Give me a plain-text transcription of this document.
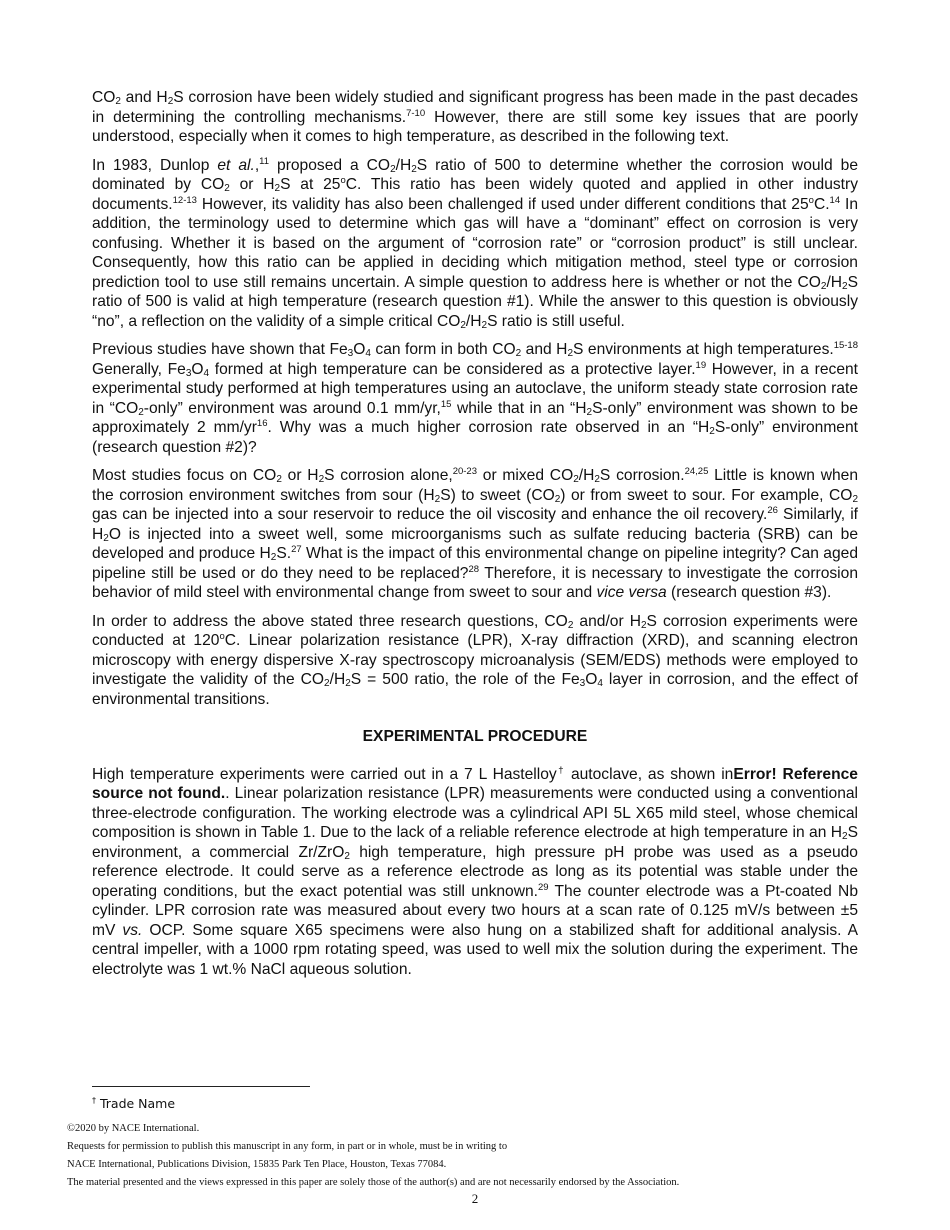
$CO_2$ and $H_2S$ corrosion have been widely studied and significant progress has been made in the past decades in determining the controlling mechanisms.$^{7-10}$ However, there are still some key issues that are poorly understood, especially when it comes to high temperature, as described in the following text.

In 1983, Dunlop et al.,$^{11}$ proposed a $CO_2/H_2S$ ratio of 500 to determine whether the corrosion would be dominated by $CO_2$ or $H_2S$ at 25$^o$C. This ratio has been widely quoted and applied in other industry documents.$^{12-13}$ However, its validity has also been challenged if used under different conditions that 25$^o$C.$^{14}$ In addition, the terminology used to determine which gas will have a “dominant” effect on corrosion is very confusing. Whether it is based on the argument of “corrosion rate” or “corrosion product” is still unclear. Consequently, how this ratio can be applied in deciding which mitigation method, steel type or corrosion prediction tool to use still remains uncertain. A simple question to address here is whether or not the $CO_2/H_2S$ ratio of 500 is valid at high temperature (research question #1). While the answer to this question is obviously “no”, a reflection on the validity of a simple critical $CO_2/H_2S$ ratio is still useful.

Previous studies have shown that $Fe_3O_4$ can form in both $CO_2$ and $H_2S$ environments at high temperatures.$^{15-18}$ Generally, $Fe_3O_4$ formed at high temperature can be considered as a protective layer.$^{19}$ However, in a recent experimental study performed at high temperatures using an autoclave, the uniform steady state corrosion rate in “$CO_2$-only” environment was around 0.1 mm/yr,$^{15}$ while that in an “$H_2S$-only” environment was shown to be approximately 2 $mm/yr^{16}$. Why was a much higher corrosion rate observed in an “$H_2S$-only” environment (research question #2)?

Most studies focus on $CO_2$ or $H_2S$ corrosion alone,$^{20-23}$ or mixed $CO_2/H_2S$ corrosion.$^{24,25}$ Little is known when the corrosion environment switches from sour $(H_2S)$ to sweet $(CO_2)$ or from sweet to sour. For example, $CO_2$ gas can be injected into a sour reservoir to reduce the oil viscosity and enhance the oil recovery.$^{26}$ Similarly, if $H_2O$ is injected into a sweet well, some microorganisms such as sulfate reducing bacteria (SRB) can be developed and produce $H_2S.^{27}$ What is the impact of this environmental change on pipeline integrity? Can aged pipeline still be used or do they need to be replaced?$^{28}$ Therefore, it is necessary to investigate the corrosion behavior of mild steel with environmental change from sweet to sour and vice versa (research question #3).

In order to address the above stated three research questions, $CO_2$ and/or $H_2S$ corrosion experiments were conducted at 120$^o$C. Linear polarization resistance (LPR), X-ray diffraction (XRD), and scanning electron microscopy with energy dispersive X-ray spectroscopy microanalysis (SEM/EDS) methods were employed to investigate the validity of the $CO_2/H_2S = 500$ ratio, the role of the $Fe_3O_4$ layer in corrosion, and the effect of environmental transitions.

EXPERIMENTAL PROCEDURE

High temperature experiments were carried out in a 7 L Hastelloy† autoclave, as shown inError! Reference source not found.. Linear polarization resistance (LPR) measurements were conducted using a conventional three-electrode configuration. The working electrode was a cylindrical API 5L X65 mild steel, whose chemical composition is shown in Table 1. Due to the lack of a reliable reference electrode at high temperature in an $H_2S$ environment, a commercial Zr/ZrO$_2$ high temperature, high pressure pH probe was used as a pseudo reference electrode. It could serve as a reference electrode as long as its potential was stable under the operating conditions, but the exact potential was still unknown.$^{29}$ The counter electrode was a Pt-coated Nb cylinder. LPR corrosion rate was measured about every two hours at a scan rate of 0.125 mV/s between ±5 mV vs. OCP. Some square X65 specimens were also hung on a stabilized shaft for additional analysis. A central impeller, with a 1000 rpm rotating speed, was used to well mix the solution during the experiment. The electrolyte was 1 wt.% NaCl aqueous solution.

† Trade Name
©2020 by NACE International.
Requests for permission to publish this manuscript in any form, in part or in whole, must be in writing to
NACE International, Publications Division, 15835 Park Ten Place, Houston, Texas 77084.
The material presented and the views expressed in this paper are solely those of the author(s) and are not necessarily endorsed by the Association.
2
